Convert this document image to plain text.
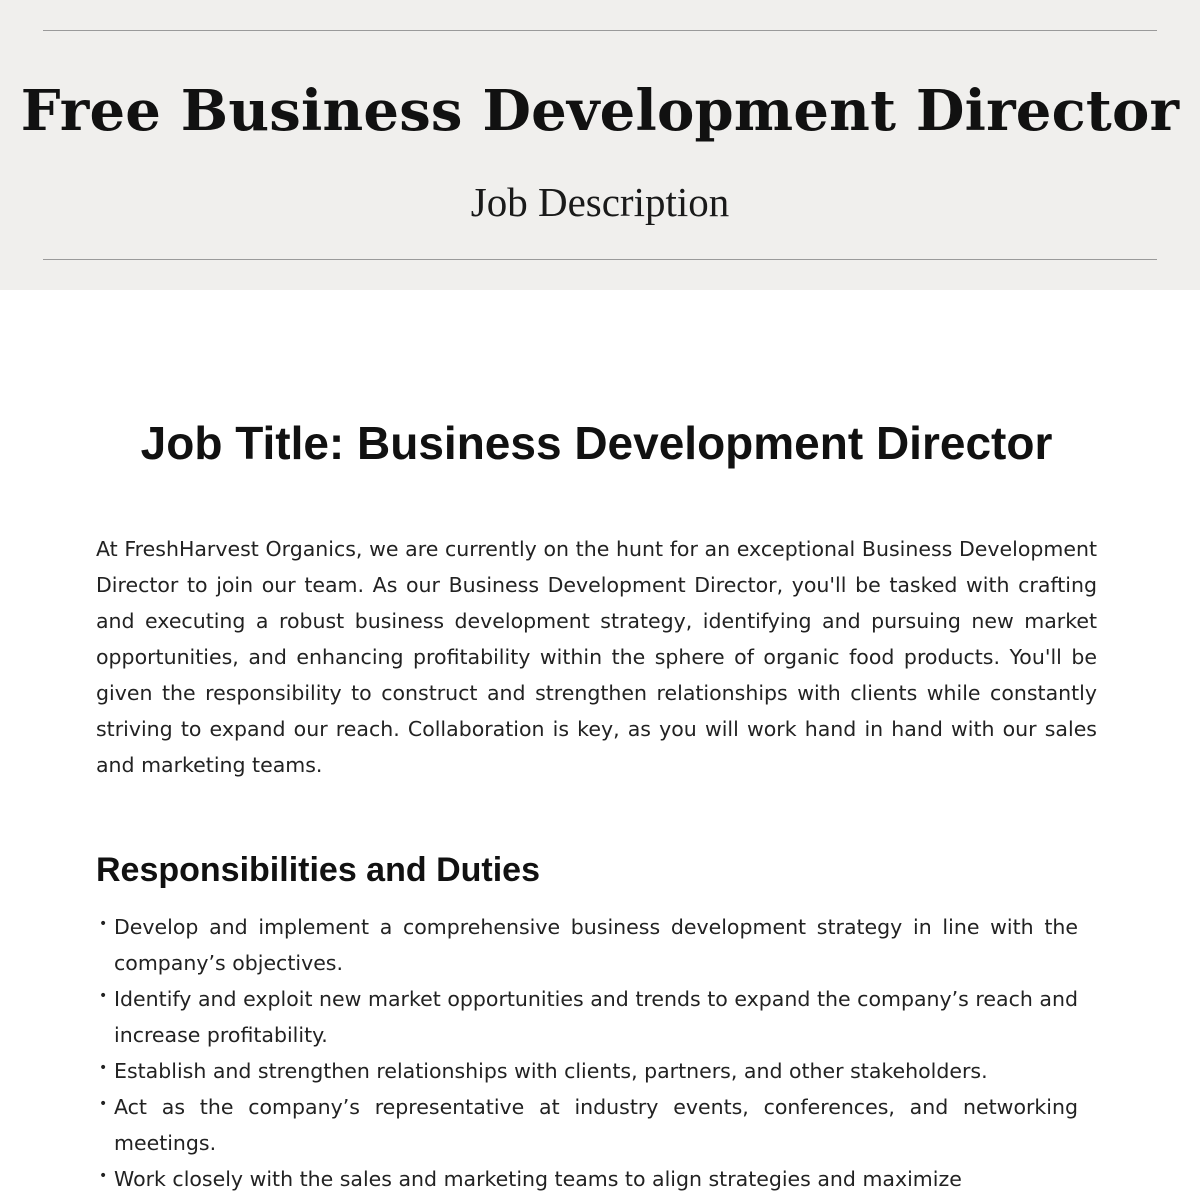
Free Business Development Director
Job Description
Job Title: Business Development Director

At FreshHarvest Organics, we are currently on the hunt for an exceptional Business Development Director to join our team. As our Business Development Director, you'll be tasked with crafting and executing a robust business development strategy, identifying and pursuing new market opportunities, and enhancing profitability within the sphere of organic food products. You'll be given the responsibility to construct and strengthen relationships with clients while constantly striving to expand our reach. Collaboration is key, as you will work hand in hand with our sales and marketing teams.

Responsibilities and Duties
• Develop and implement a comprehensive business development strategy in line with the company’s objectives.
• Identify and exploit new market opportunities and trends to expand the company’s reach and increase profitability.
• Establish and strengthen relationships with clients, partners, and other stakeholders.
• Act as the company’s representative at industry events, conferences, and networking meetings.
• Work closely with the sales and marketing teams to align strategies and maximize
